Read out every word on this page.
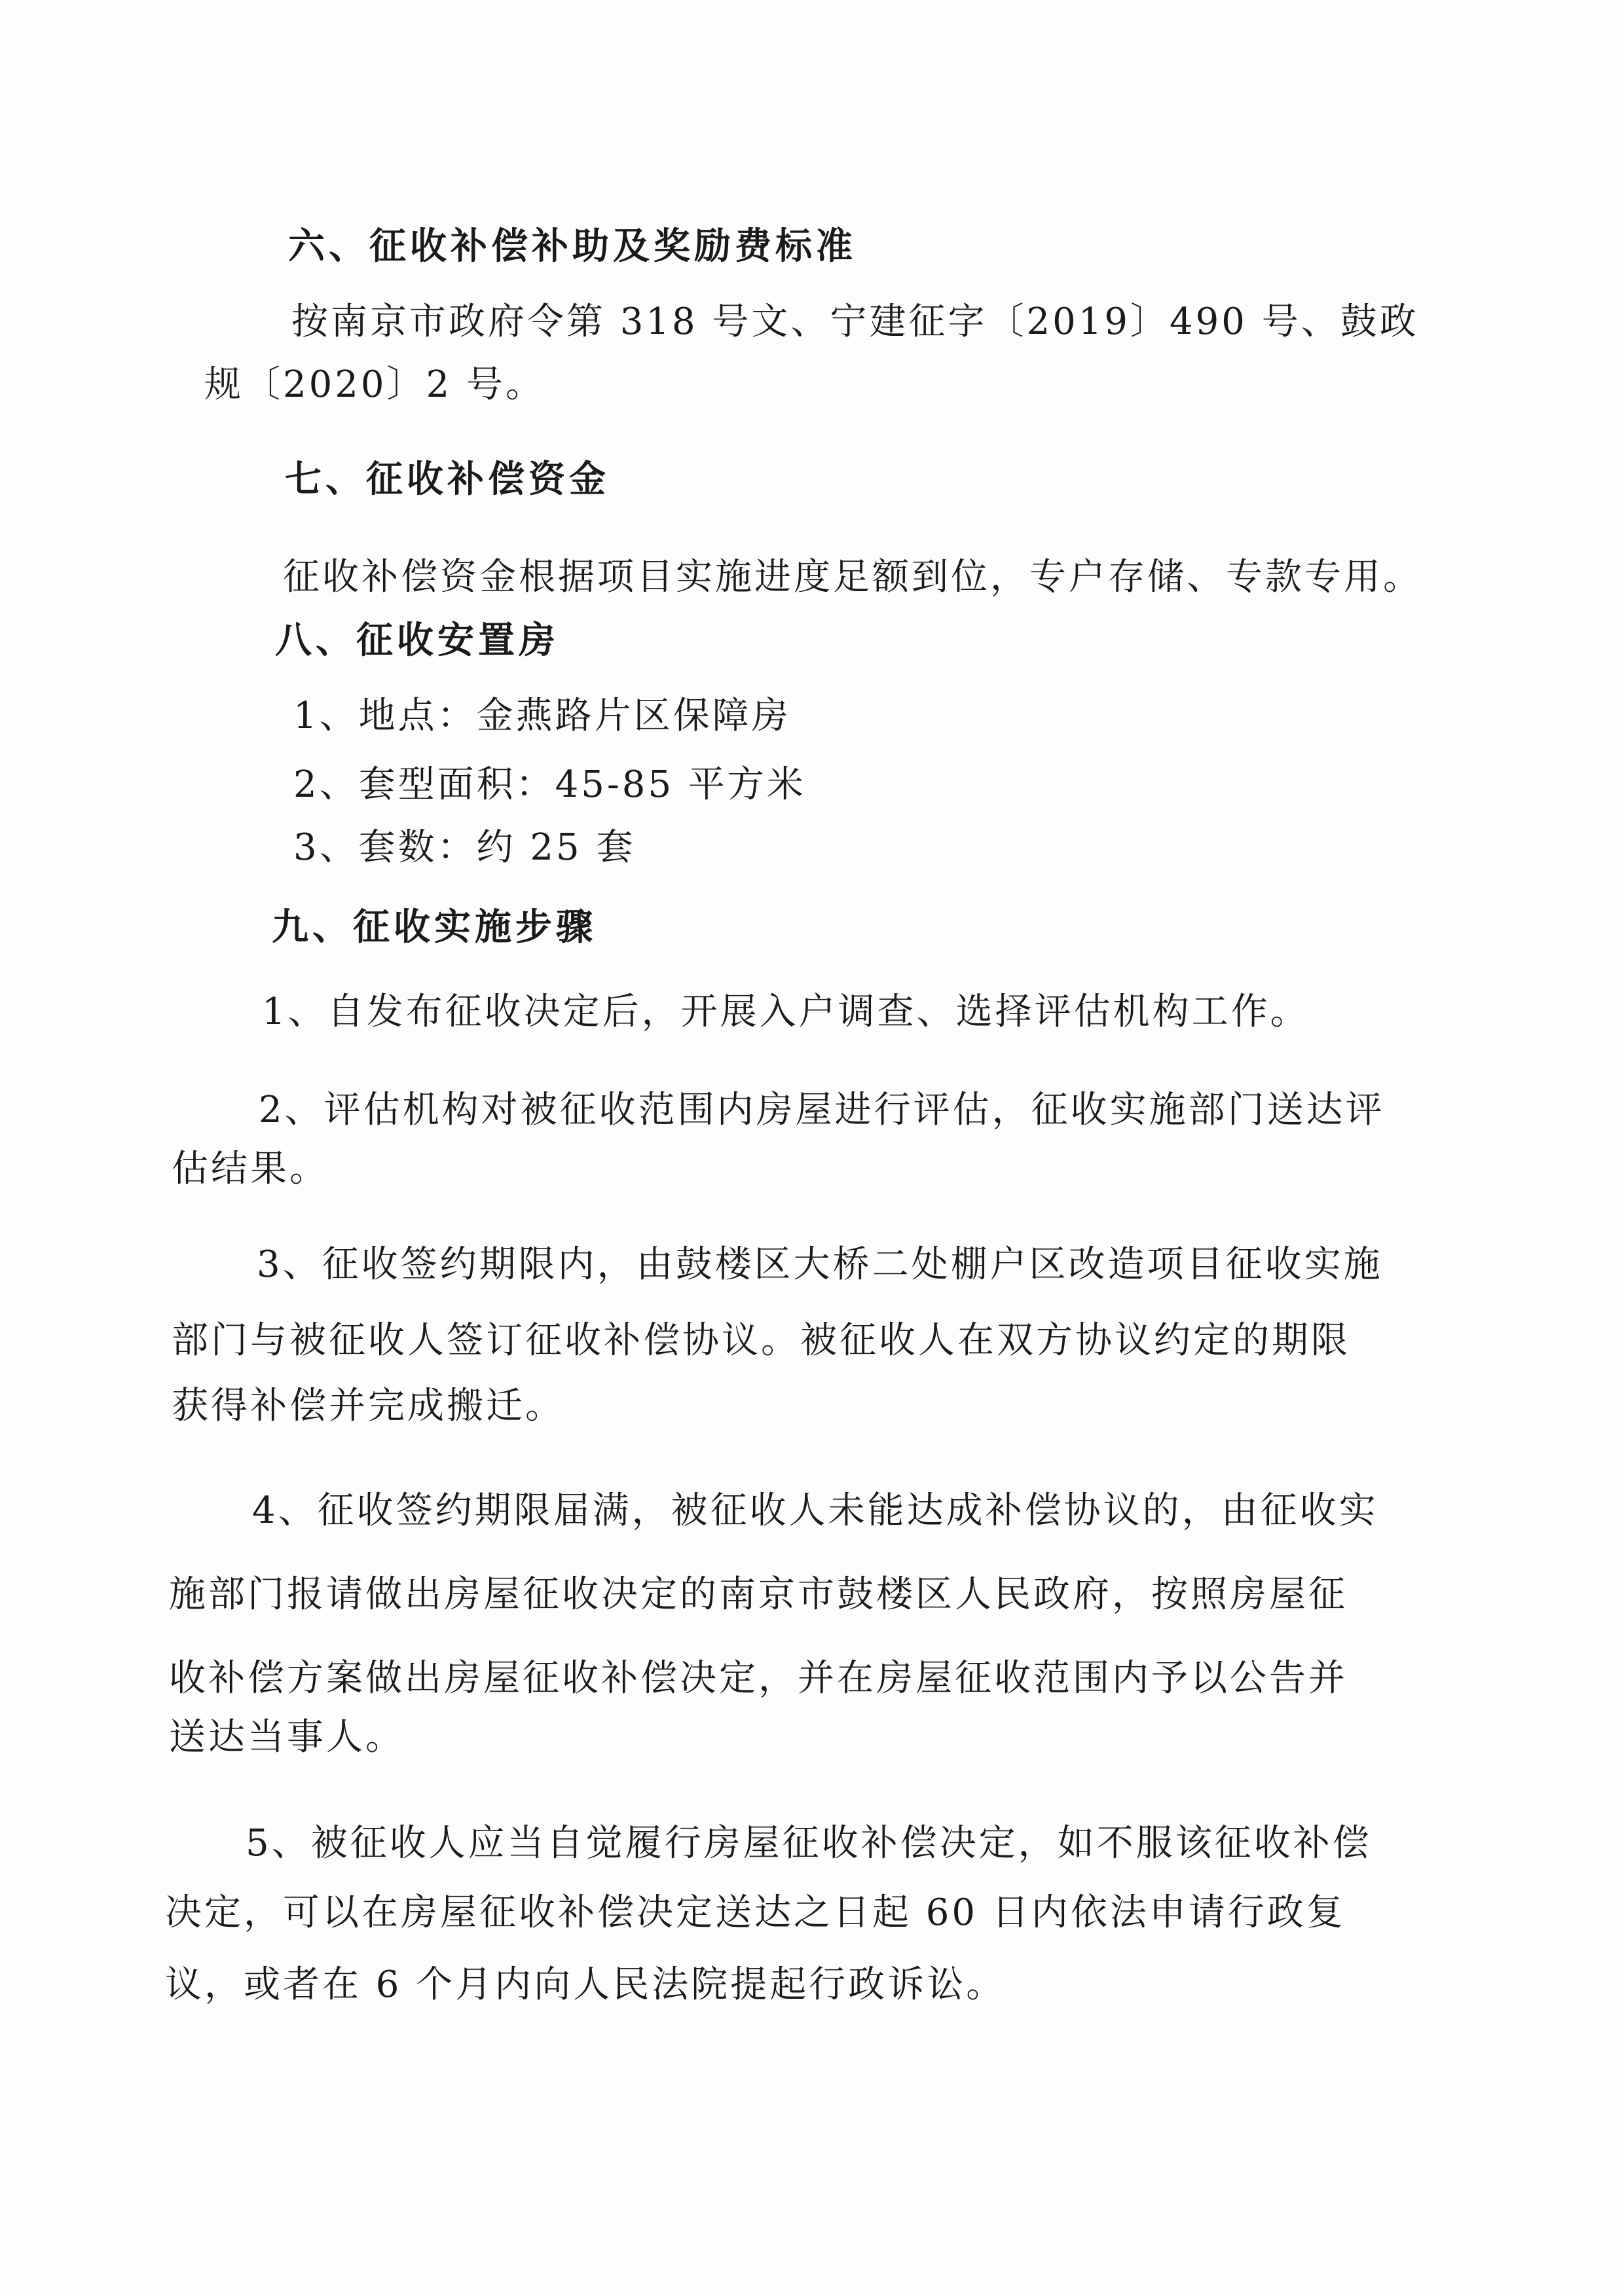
六、征收补偿补助及奖励费标准
按南京市政府令第 318 号文、宁建征字〔2019〕490 号、鼓政
规〔2020〕2 号。
七、征收补偿资金
征收补偿资金根据项目实施进度足额到位，专户存储、专款专用。
八、征收安置房
1、地点：金燕路片区保障房
2、套型面积：45-85 平方米
3、套数：约 25 套
九、征收实施步骤
1、自发布征收决定后，开展入户调查、选择评估机构工作。
2、评估机构对被征收范围内房屋进行评估，征收实施部门送达评
估结果。
3、征收签约期限内，由鼓楼区大桥二处棚户区改造项目征收实施
部门与被征收人签订征收补偿协议。被征收人在双方协议约定的期限
获得补偿并完成搬迁。
4、征收签约期限届满，被征收人未能达成补偿协议的，由征收实
施部门报请做出房屋征收决定的南京市鼓楼区人民政府，按照房屋征
收补偿方案做出房屋征收补偿决定，并在房屋征收范围内予以公告并
送达当事人。
5、被征收人应当自觉履行房屋征收补偿决定，如不服该征收补偿
决定，可以在房屋征收补偿决定送达之日起 60 日内依法申请行政复
议，或者在 6 个月内向人民法院提起行政诉讼。
